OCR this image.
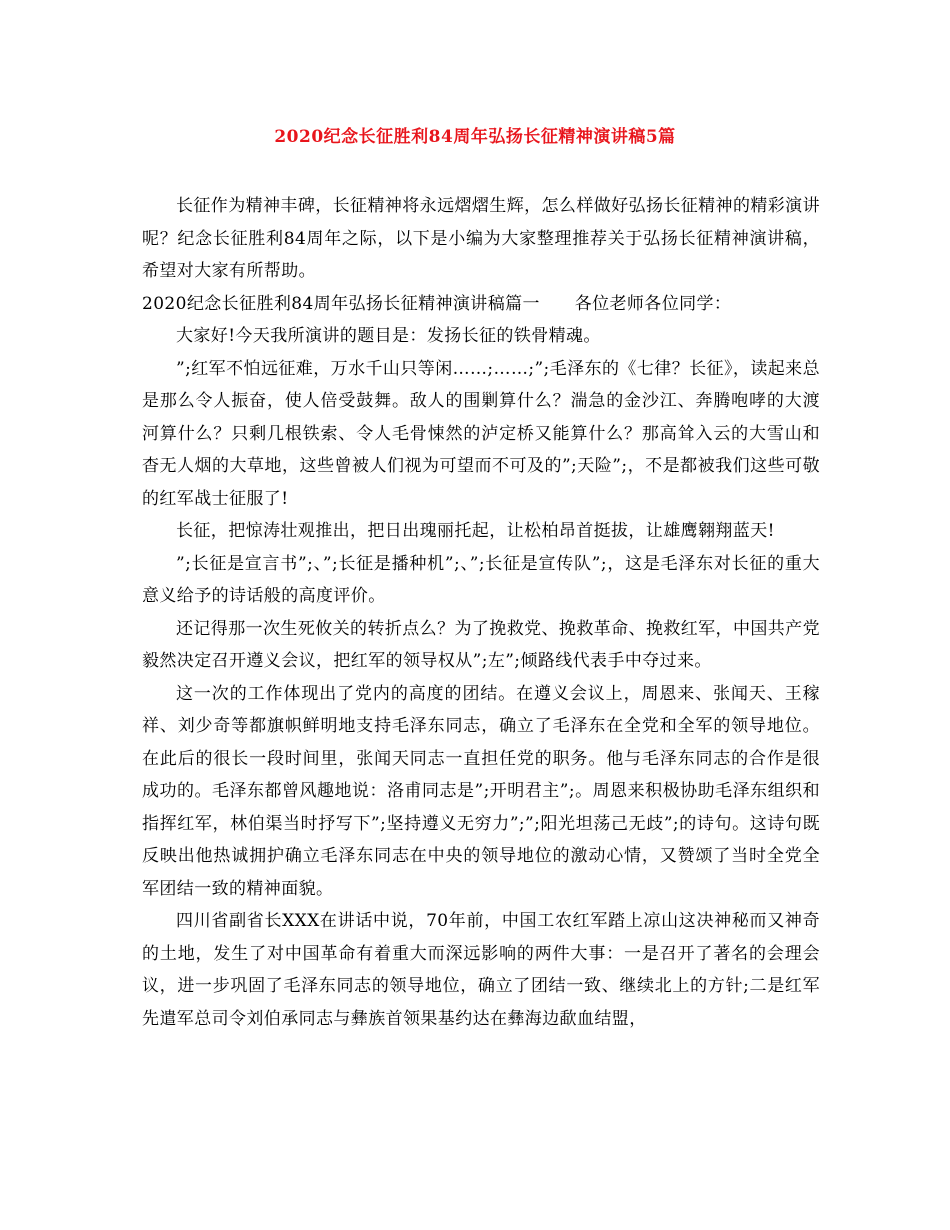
2020纪念长征胜利84周年弘扬长征精神演讲稿5篇

长征作为精神丰碑，长征精神将永远熠熠生辉，怎么样做好弘扬长征精神的精彩演讲呢？纪念长征胜利84周年之际，以下是小编为大家整理推荐关于弘扬长征精神演讲稿，希望对大家有所帮助。

2020纪念长征胜利84周年弘扬长征精神演讲稿篇一　　各位老师各位同学：

大家好!今天我所演讲的题目是：发扬长征的铁骨精魂。

”;红军不怕远征难，万水千山只等闲……;……;”;毛泽东的《七律？长征》，读起来总是那么令人振奋，使人倍受鼓舞。敌人的围剿算什么？湍急的金沙江、奔腾咆哮的大渡河算什么？只剩几根铁索、令人毛骨悚然的泸定桥又能算什么？那高耸入云的大雪山和杳无人烟的大草地，这些曾被人们视为可望而不可及的”;天险”;，不是都被我们这些可敬的红军战士征服了!

长征，把惊涛壮观推出，把日出瑰丽托起，让松柏昂首挺拔，让雄鹰翱翔蓝天!

”;长征是宣言书”;、”;长征是播种机”;、”;长征是宣传队”;，这是毛泽东对长征的重大意义给予的诗话般的高度评价。

还记得那一次生死攸关的转折点么？为了挽救党、挽救革命、挽救红军，中国共产党毅然决定召开遵义会议，把红军的领导权从”;左”;倾路线代表手中夺过来。

这一次的工作体现出了党内的高度的团结。在遵义会议上，周恩来、张闻天、王稼祥、刘少奇等都旗帜鲜明地支持毛泽东同志，确立了毛泽东在全党和全军的领导地位。在此后的很长一段时间里，张闻天同志一直担任党的职务。他与毛泽东同志的合作是很成功的。毛泽东都曾风趣地说：洛甫同志是”;开明君主”;。周恩来积极协助毛泽东组织和指挥红军，林伯渠当时抒写下”;坚持遵义无穷力”;”;阳光坦荡己无歧”;的诗句。这诗句既反映出他热诚拥护确立毛泽东同志在中央的领导地位的激动心情，又赞颂了当时全党全军团结一致的精神面貌。

四川省副省长XXX在讲话中说，70年前，中国工农红军踏上凉山这决神秘而又神奇的土地，发生了对中国革命有着重大而深远影响的两件大事：一是召开了著名的会理会议，进一步巩固了毛泽东同志的领导地位，确立了团结一致、继续北上的方针;二是红军先遣军总司令刘伯承同志与彝族首领果基约达在彝海边歃血结盟，
